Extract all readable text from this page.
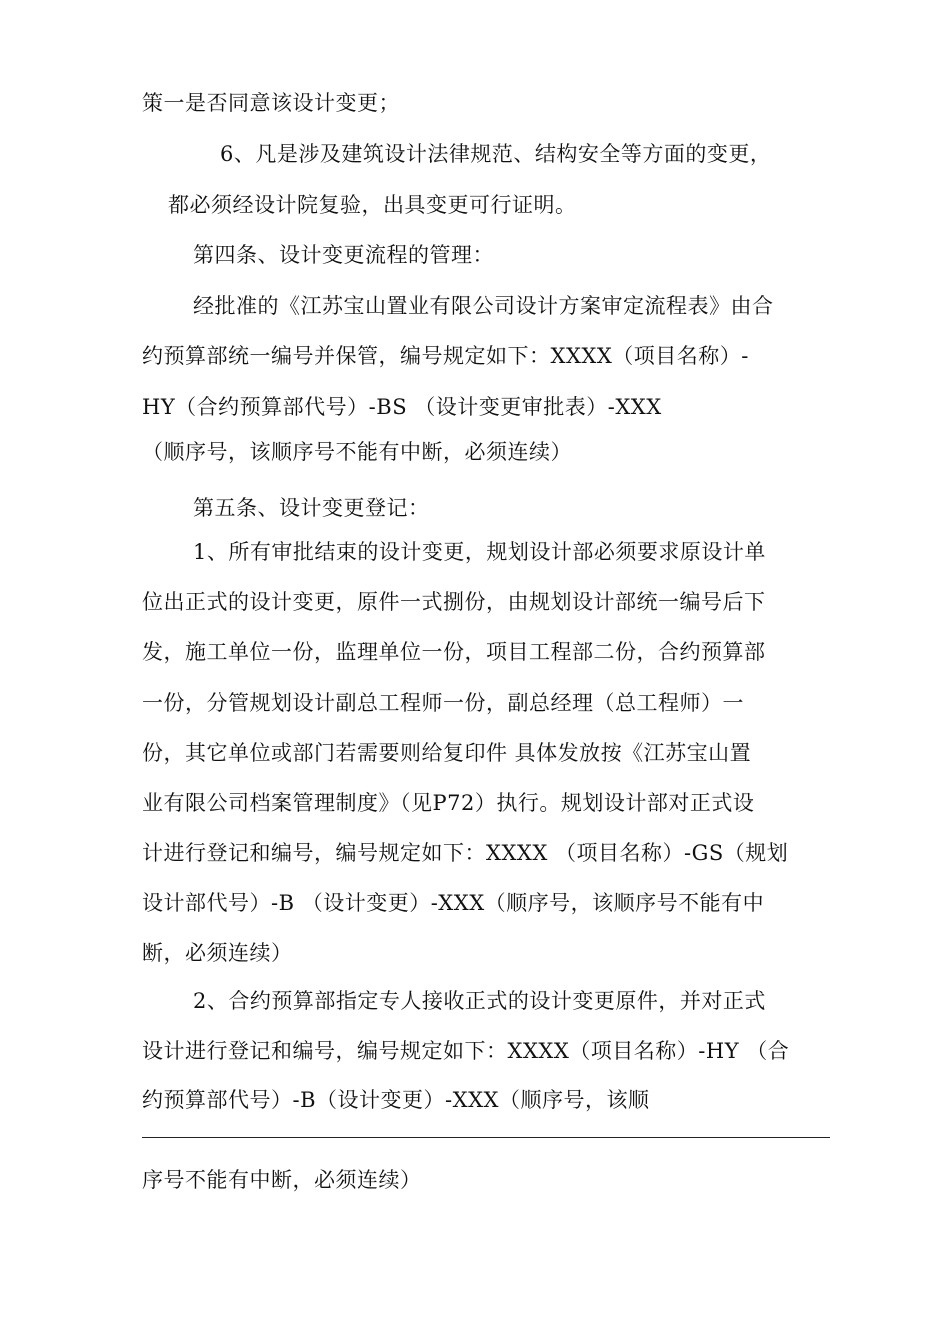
策一是否同意该设计变更；
6、凡是涉及建筑设计法律规范、结构安全等方面的变更，
都必须经设计院复验，出具变更可行证明。
第四条、设计变更流程的管理：
经批准的《江苏宝山置业有限公司设计方案审定流程表》由合
约预算部统一编号并保管，编号规定如下：XXXX（项目名称）-
HY（合约预算部代号）-BS （设计变更审批表）-XXX
（顺序号，该顺序号不能有中断，必须连续）
第五条、设计变更登记：
1、所有审批结束的设计变更，规划设计部必须要求原设计单
位出正式的设计变更，原件一式捌份，由规划设计部统一编号后下
发，施工单位一份，监理单位一份，项目工程部二份，合约预算部
一份，分管规划设计副总工程师一份，副总经理（总工程师）一
份，其它单位或部门若需要则给复印件 具体发放按《江苏宝山置
业有限公司档案管理制度》（见P72）执行。规划设计部对正式设
计进行登记和编号，编号规定如下：XXXX （项目名称）-GS（规划
设计部代号）-B （设计变更）-XXX（顺序号，该顺序号不能有中
断，必须连续）
2、合约预算部指定专人接收正式的设计变更原件，并对正式
设计进行登记和编号，编号规定如下：XXXX（项目名称）-HY （合
约预算部代号）-B（设计变更）-XXX（顺序号，该顺
序号不能有中断，必须连续）
